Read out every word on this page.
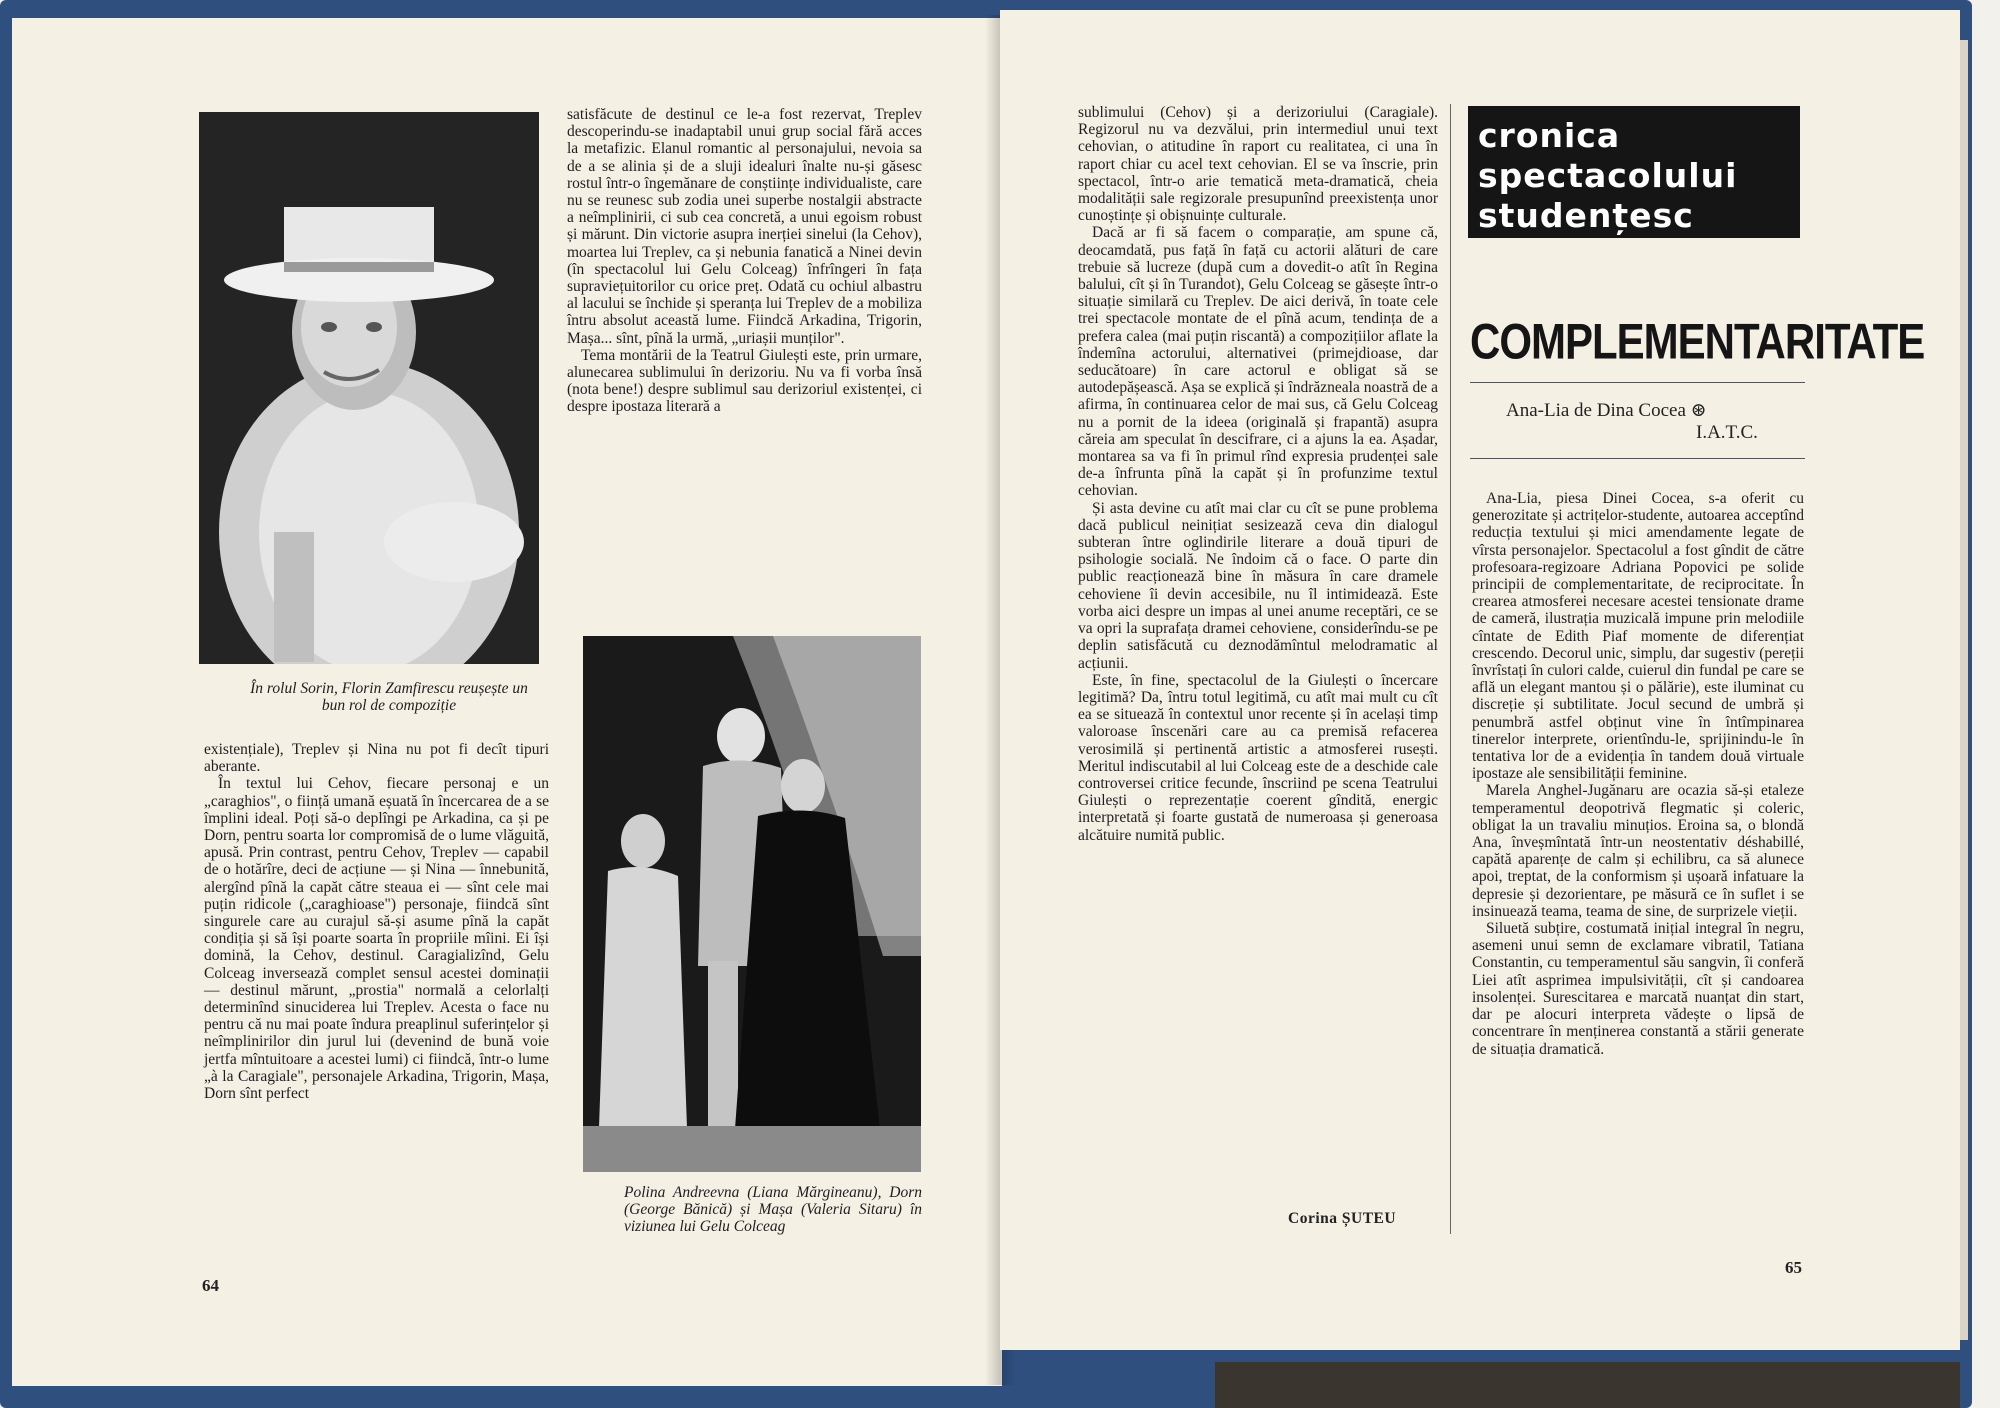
În rolul Sorin, Florin Zamfirescu reușește un bun rol de compoziție
Polina Andreevna (Liana Mărgineanu), Dorn (George Bănică) și Mașa (Valeria Sitaru) în viziunea lui Gelu Colceag

existențiale), Treplev și Nina nu pot fi decît tipuri aberante.

În textul lui Cehov, fiecare personaj e un „caraghios", o ființă umană eșuată în încercarea de a se împlini ideal. Poți să-o deplîngi pe Arkadina, ca și pe Dorn, pentru soarta lor compromisă de o lume vlăguită, apusă. Prin contrast, pentru Cehov, Treplev — capabil de o hotărîre, deci de acțiune — și Nina — înnebunită, alergînd pînă la capăt către steaua ei — sînt cele mai puțin ridicole („caraghioase") personaje, fiindcă sînt singurele care au curajul să-și asume pînă la capăt condiția și să își poarte soarta în propriile mîini. Ei își domină, la Cehov, destinul. Caragializînd, Gelu Colceag inversează complet sensul acestei dominații — destinul mărunt, „prostia" normală a celorlalți determinînd sinuciderea lui Treplev. Acesta o face nu pentru că nu mai poate îndura preaplinul suferințelor și neîmplinirilor din jurul lui (devenind de bună voie jertfa mîntuitoare a acestei lumi) ci fiindcă, într-o lume „à la Caragiale", personajele Arkadina, Trigorin, Mașa, Dorn sînt perfect

satisfăcute de destinul ce le-a fost rezervat, Treplev descoperindu-se inadaptabil unui grup social fără acces la metafizic. Elanul romantic al personajului, nevoia sa de a se alinia și de a sluji idealuri înalte nu-și găsesc rostul într-o îngemănare de conștiințe individualiste, care nu se reunesc sub zodia unei superbe nostalgii abstracte a neîmplinirii, ci sub cea concretă, a unui egoism robust și mărunt. Din victorie asupra inerției sinelui (la Cehov), moartea lui Treplev, ca și nebunia fanatică a Ninei devin (în spectacolul lui Gelu Colceag) înfrîngeri în fața supraviețuitorilor cu orice preț. Odată cu ochiul albastru al lacului se închide și speranța lui Treplev de a mobiliza întru absolut această lume. Fiindcă Arkadina, Trigorin, Mașa... sînt, pînă la urmă, „uriașii munților".

Tema montării de la Teatrul Giulești este, prin urmare, alunecarea sublimului în derizoriu. Nu va fi vorba însă (nota bene!) despre sublimul sau derizoriul existenței, ci despre ipostaza literară a

64

sublimului (Cehov) și a derizoriului (Caragiale). Regizorul nu va dezvălui, prin intermediul unui text cehovian, o atitudine în raport cu realitatea, ci una în raport chiar cu acel text cehovian. El se va înscrie, prin spectacol, într-o arie tematică meta-dramatică, cheia modalității sale regizorale presupunînd preexistența unor cunoștințe și obișnuințe culturale.

Dacă ar fi să facem o comparație, am spune că, deocamdată, pus față în față cu actorii alături de care trebuie să lucreze (după cum a dovedit-o atît în Regina balului, cît și în Turandot), Gelu Colceag se găsește într-o situație similară cu Treplev. De aici derivă, în toate cele trei spectacole montate de el pînă acum, tendința de a prefera calea (mai puțin riscantă) a compozițiilor aflate la îndemîna actorului, alternativei (primejdioase, dar seducătoare) în care actorul e obligat să se autodepășească. Așa se explică și îndrăzneala noastră de a afirma, în continuarea celor de mai sus, că Gelu Colceag nu a pornit de la ideea (originală și frapantă) asupra căreia am speculat în descifrare, ci a ajuns la ea. Așadar, montarea sa va fi în primul rînd expresia prudenței sale de-a înfrunta pînă la capăt și în profunzime textul cehovian.

Și asta devine cu atît mai clar cu cît se pune problema dacă publicul neinițiat sesizează ceva din dialogul subteran între oglindirile literare a două tipuri de psihologie socială. Ne îndoim că o face. O parte din public reacționează bine în măsura în care dramele cehoviene îi devin accesibile, nu îl intimidează. Este vorba aici despre un impas al unei anume receptări, ce se va opri la suprafața dramei cehoviene, considerîndu-se pe deplin satisfăcută cu deznodămîntul melodramatic al acțiunii.

Este, în fine, spectacolul de la Giulești o încercare legitimă? Da, întru totul legitimă, cu atît mai mult cu cît ea se situează în contextul unor recente și în același timp valoroase înscenări care au ca premisă refacerea verosimilă și pertinentă artistic a atmosferei rusești. Meritul indiscutabil al lui Colceag este de a deschide cale controversei critice fecunde, înscriind pe scena Teatrului Giulești o reprezentație coerent gîndită, energic interpretată și foarte gustată de numeroasa și generoasa alcătuire numită public.

Corina ȘUTEU

Ana-Lia, piesa Dinei Cocea, s-a oferit cu generozitate și actrițelor-studente, autoarea acceptînd reducția textului și mici amendamente legate de vîrsta personajelor. Spectacolul a fost gîndit de către profesoara-regizoare Adriana Popovici pe solide principii de complementaritate, de reciprocitate. În crearea atmosferei necesare acestei tensionate drame de cameră, ilustrația muzicală impune prin melodiile cîntate de Edith Piaf momente de diferențiat crescendo. Decorul unic, simplu, dar sugestiv (pereții învrîstați în culori calde, cuierul din fundal pe care se află un elegant mantou și o pălărie), este iluminat cu discreție și subtilitate. Jocul secund de umbră și penumbră astfel obținut vine în întîmpinarea tinerelor interprete, orientîndu-le, sprijinindu-le în tentativa lor de a evidenția în tandem două virtuale ipostaze ale sensibilității feminine.

Marela Anghel-Jugănaru are ocazia să-și etaleze temperamentul deopotrivă flegmatic și coleric, obligat la un travaliu minuțios. Eroina sa, o blondă Ana, înveșmîntată într-un neostentativ déshabillé, capătă aparențe de calm și echilibru, ca să alunece apoi, treptat, de la conformism și ușoară infatuare la depresie și dezorientare, pe măsură ce în suflet i se insinuează teama, teama de sine, de surprizele vieții.

Siluetă subțire, costumată inițial integral în negru, asemeni unui semn de exclamare vibratil, Tatiana Constantin, cu temperamentul său sangvin, îi conferă Liei atît asprimea impulsivității, cît și candoarea insolenței. Surescitarea e marcată nuanțat din start, dar pe alocuri interpreta vădește o lipsă de concentrare în menținerea constantă a stării generate de situația dramatică.

65
cronica
spectacolului
studențesc
COMPLEMENTARITATE
Ana-Lia de Dina Cocea ⊛
I.A.T.C.
